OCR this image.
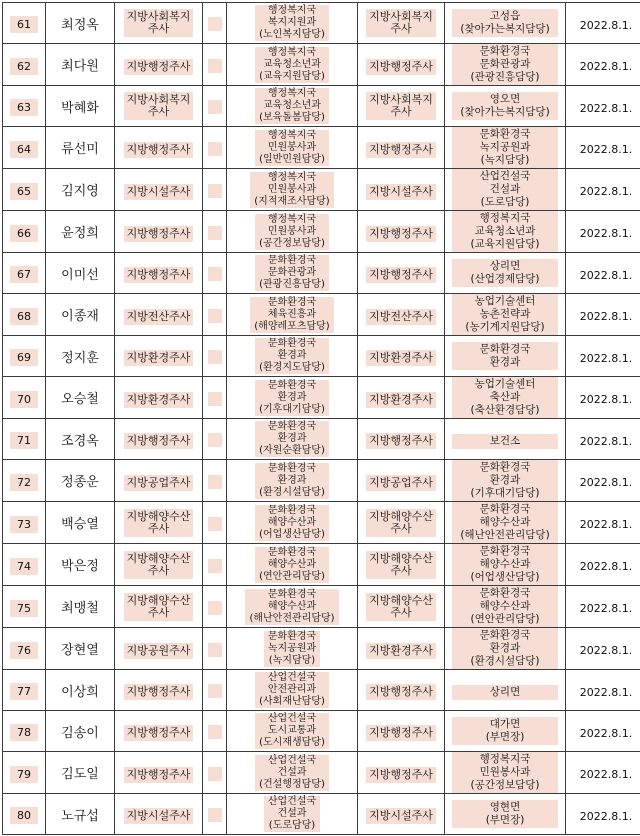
61	최정옥	지방사회복지
주사		행정복지국
복지지원과
(노인복지담당)	지방사회복지
주사	고성읍
(찾아가는복지담당)	2022.8.1.
62	최다원	지방행정주사		행정복지국
교육청소년과
(교육지원담당)	지방행정주사	문화환경국
문화관광과
(관광진흥담당)	2022.8.1.
63	박혜화	지방사회복지
주사		행정복지국
교육청소년과
(보육돌봄담당)	지방사회복지
주사	영오면
(찾아가는복지담당)	2022.8.1.
64	류선미	지방행정주사		행정복지국
민원봉사과
(일반민원담당)	지방행정주사	문화환경국
녹지공원과
(녹지담당)	2022.8.1.
65	김지영	지방시설주사		행정복지국
민원봉사과
(지적재조사담당)	지방시설주사	산업건설국
건설과
(도로담당)	2022.8.1.
66	윤정희	지방행정주사		행정복지국
민원봉사과
(공간정보담당)	지방행정주사	행정복지국
교육청소년과
(교육지원담당)	2022.8.1.
67	이미선	지방행정주사		문화환경국
문화관광과
(관광진흥담당)	지방행정주사	상리면
(산업경제담당)	2022.8.1.
68	이종재	지방전산주사		문화환경국
체육진흥과
(해양레포츠담당)	지방전산주사	농업기술센터
농촌전략과
(농기계지원담당)	2022.8.1.
69	정지훈	지방환경주사		문화환경국
환경과
(환경지도담당)	지방환경주사	문화환경국
환경과	2022.8.1.
70	오승철	지방환경주사		문화환경국
환경과
(기후대기담당)	지방환경주사	농업기술센터
축산과
(축산환경담당)	2022.8.1.
71	조경옥	지방행정주사		문화환경국
환경과
(자원순환담당)	지방행정주사	보건소	2022.8.1.
72	정종운	지방공업주사		문화환경국
환경과
(환경시설담당)	지방공업주사	문화환경국
환경과
(기후대기담당)	2022.8.1.
73	백승열	지방해양수산
주사		문화환경국
해양수산과
(어업생산담당)	지방해양수산
주사	문화환경국
해양수산과
(해난안전관리담당)	2022.8.1.
74	박은정	지방해양수산
주사		문화환경국
해양수산과
(연안관리담당)	지방해양수산
주사	문화환경국
해양수산과
(어업생산담당)	2022.8.1.
75	최맹철	지방해양수산
주사		문화환경국
해양수산과
(해난안전관리담당)	지방해양수산
주사	문화환경국
해양수산과
(연안관리담당)	2022.8.1.
76	장현열	지방공원주사		문화환경국
녹지공원과
(녹지담당)	지방환경주사	문화환경국
환경과
(환경시설담당)	2022.8.1.
77	이상희	지방행정주사		산업건설국
안전관리과
(사회재난담당)	지방행정주사	상리면	2022.8.1.
78	김송이	지방행정주사		산업건설국
도시교통과
(도시재생담당)	지방행정주사	대가면
(부면장)	2022.8.1.
79	김도일	지방행정주사		산업건설국
건설과
(건설행정담당)	지방행정주사	행정복지국
민원봉사과
(공간정보담당)	2022.8.1.
80	노규섭	지방시설주사		산업건설국
건설과
(도로담당)	지방시설주사	영현면
(부면장)	2022.8.1.
